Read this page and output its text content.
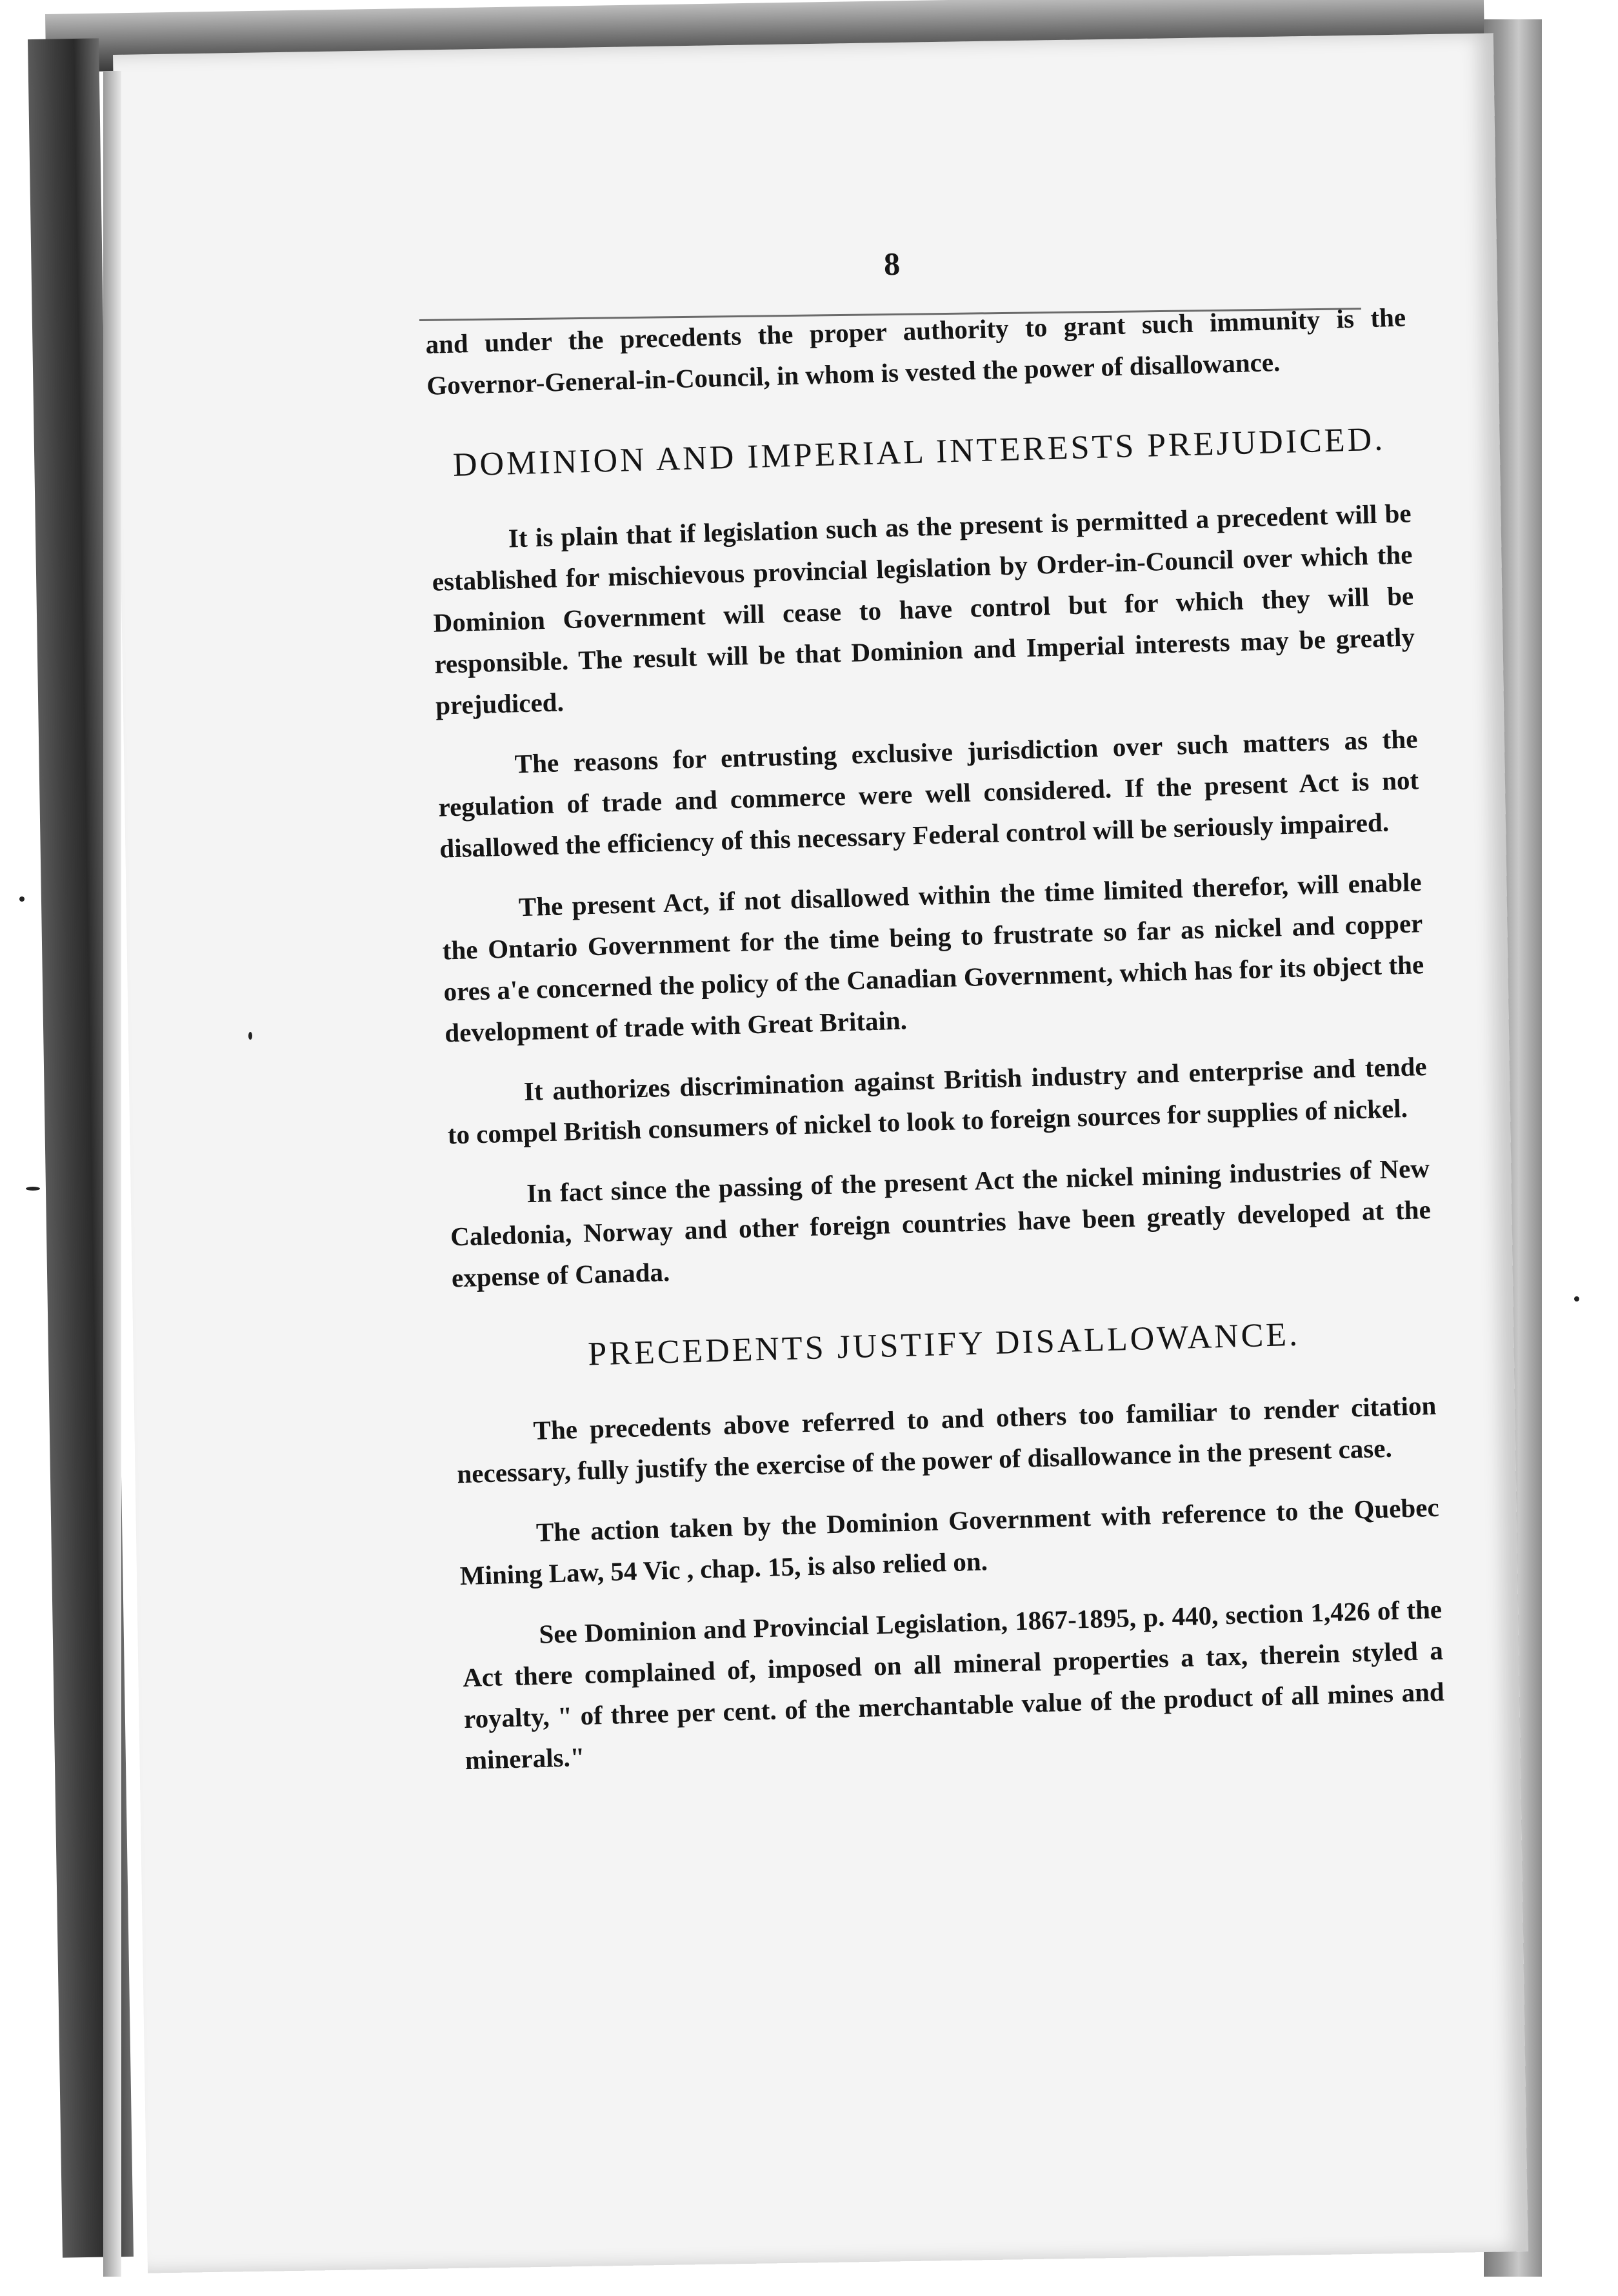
8

and under the precedents the proper authority to grant such immunity is the Governor-General-in-Council, in whom is vested the power of disallowance.

DOMINION AND IMPERIAL INTERESTS PREJUDICED.

It is plain that if legislation such as the present is permitted a precedent will be established for mischievous provincial legislation by Order-in-Council over which the Dominion Government will cease to have control but for which they will be responsible. The result will be that Dominion and Imperial interests may be greatly prejudiced.

The reasons for entrusting exclusive jurisdiction over such matters as the regulation of trade and commerce were well considered. If the present Act is not disallowed the efficiency of this necessary Federal control will be seriously impaired.

The present Act, if not disallowed within the time limited therefor, will enable the Ontario Government for the time being to frustrate so far as nickel and copper ores a'e concerned the policy of the Canadian Government, which has for its object the development of trade with Great Britain.

It authorizes discrimination against British industry and enterprise and tende to compel British consumers of nickel to look to foreign sources for supplies of nickel.

In fact since the passing of the present Act the nickel mining industries of New Caledonia, Norway and other foreign countries have been greatly developed at the expense of Canada.

PRECEDENTS JUSTIFY DISALLOWANCE.

The precedents above referred to and others too familiar to render citation necessary, fully justify the exercise of the power of disallowance in the present case.

The action taken by the Dominion Government with reference to the Quebec Mining Law, 54 Vic , chap. 15, is also relied on.

See Dominion and Provincial Legislation, 1867-1895, p. 440, section 1,426 of the Act there complained of, imposed on all mineral properties a tax, therein styled a royalty, " of three per cent. of the merchantable value of the product of all mines and minerals."
